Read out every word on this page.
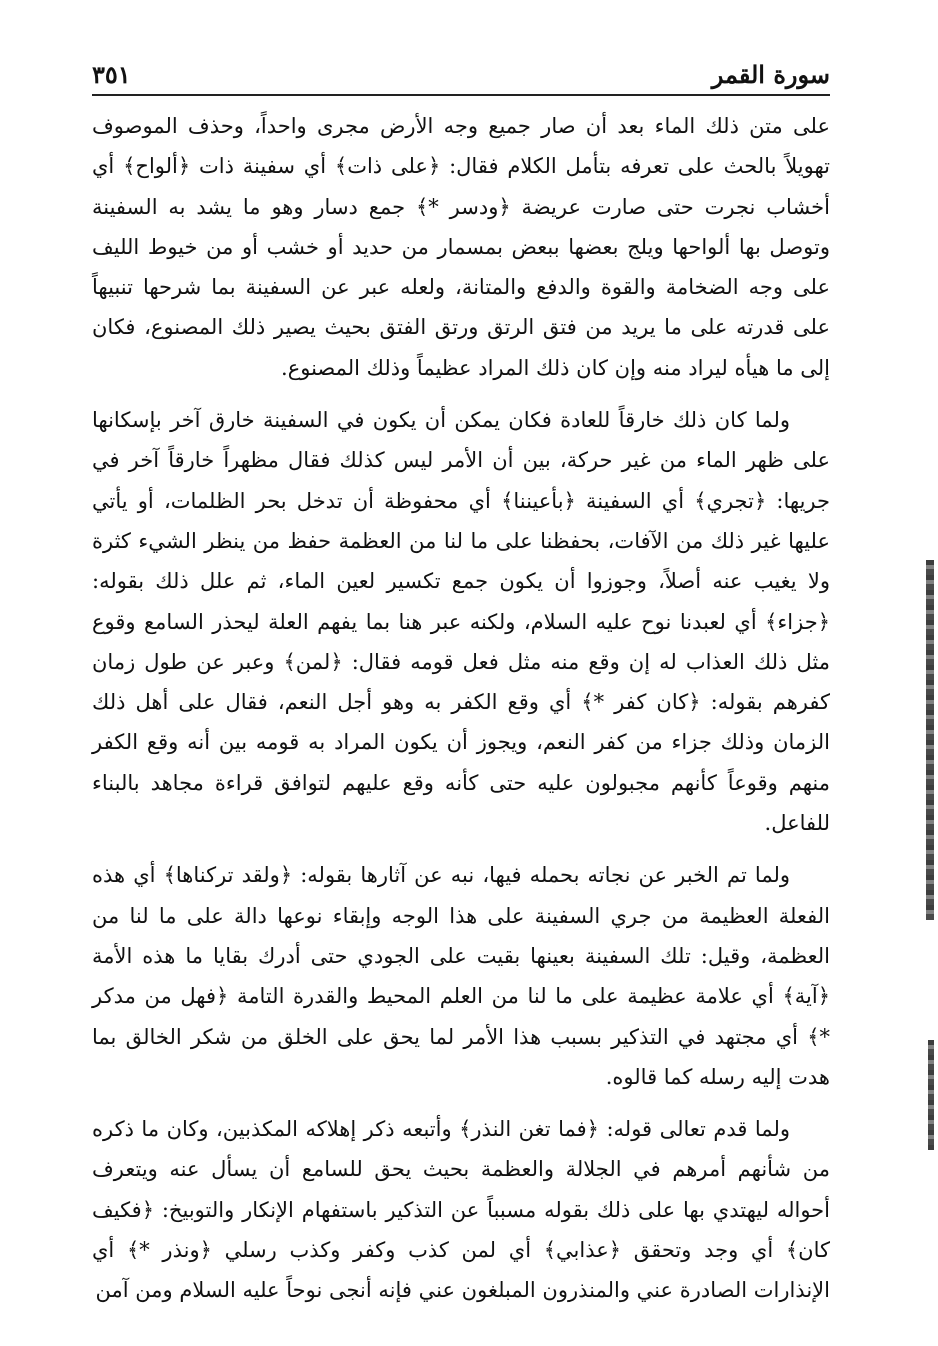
سورة القمر
٣٥١

على متن ذلك الماء بعد أن صار جميع وجه الأرض مجرى واحداً، وحذف الموصوف تهويلاً بالحث على تعرفه بتأمل الكلام فقال: ﴿على ذات﴾ أي سفينة ذات ﴿ألواح﴾ أي أخشاب نجرت حتى صارت عريضة ﴿ودسر *﴾ جمع دسار وهو ما يشد به السفينة وتوصل بها ألواحها ويلج بعضها ببعض بمسمار من حديد أو خشب أو من خيوط الليف على وجه الضخامة والقوة والدفع والمتانة، ولعله عبر عن السفينة بما شرحها تنبيهاً على قدرته على ما يريد من فتق الرتق ورتق الفتق بحيث يصير ذلك المصنوع، فكان إلى ما هيأه ليراد منه وإن كان ذلك المراد عظيماً وذلك المصنوع.

ولما كان ذلك خارقاً للعادة فكان يمكن أن يكون في السفينة خارق آخر بإسكانها على ظهر الماء من غير حركة، بين أن الأمر ليس كذلك فقال مظهراً خارقاً آخر في جريها: ﴿تجري﴾ أي السفينة ﴿بأعيننا﴾ أي محفوظة أن تدخل بحر الظلمات، أو يأتي عليها غير ذلك من الآفات، بحفظنا على ما لنا من العظمة حفظ من ينظر الشيء كثرة ولا يغيب عنه أصلاً، وجوزوا أن يكون جمع تكسير لعين الماء، ثم علل ذلك بقوله: ﴿جزاء﴾ أي لعبدنا نوح عليه السلام، ولكنه عبر هنا بما يفهم العلة ليحذر السامع وقوع مثل ذلك العذاب له إن وقع منه مثل فعل قومه فقال: ﴿لمن﴾ وعبر عن طول زمان كفرهم بقوله: ﴿كان كفر *﴾ أي وقع الكفر به وهو أجل النعم، فقال على أهل ذلك الزمان وذلك جزاء من كفر النعم، ويجوز أن يكون المراد به قومه بين أنه وقع الكفر منهم وقوعاً كأنهم مجبولون عليه حتى كأنه وقع عليهم لتوافق قراءة مجاهد بالبناء للفاعل.

ولما تم الخبر عن نجاته بحمله فيها، نبه عن آثارها بقوله: ﴿ولقد تركناها﴾ أي هذه الفعلة العظيمة من جري السفينة على هذا الوجه وإبقاء نوعها دالة على ما لنا من العظمة، وقيل: تلك السفينة بعينها بقيت على الجودي حتى أدرك بقايا ما هذه الأمة ﴿آية﴾ أي علامة عظيمة على ما لنا من العلم المحيط والقدرة التامة ﴿فهل من مدكر *﴾ أي مجتهد في التذكير بسبب هذا الأمر لما يحق على الخلق من شكر الخالق بما هدت إليه رسله كما قالوه.

ولما قدم تعالى قوله: ﴿فما تغن النذر﴾ وأتبعه ذكر إهلاكه المكذبين، وكان ما ذكره من شأنهم أمرهم في الجلالة والعظمة بحيث يحق للسامع أن يسأل عنه ويتعرف أحواله ليهتدي بها على ذلك بقوله مسبباً عن التذكير باستفهام الإنكار والتوبيخ: ﴿فكيف كان﴾ أي وجد وتحقق ﴿عذابي﴾ أي لمن كذب وكفر وكذب رسلي ﴿ونذر *﴾ أي الإنذارات الصادرة عني والمنذرون المبلغون عني فإنه أنجى نوحاً عليه السلام ومن آمن
